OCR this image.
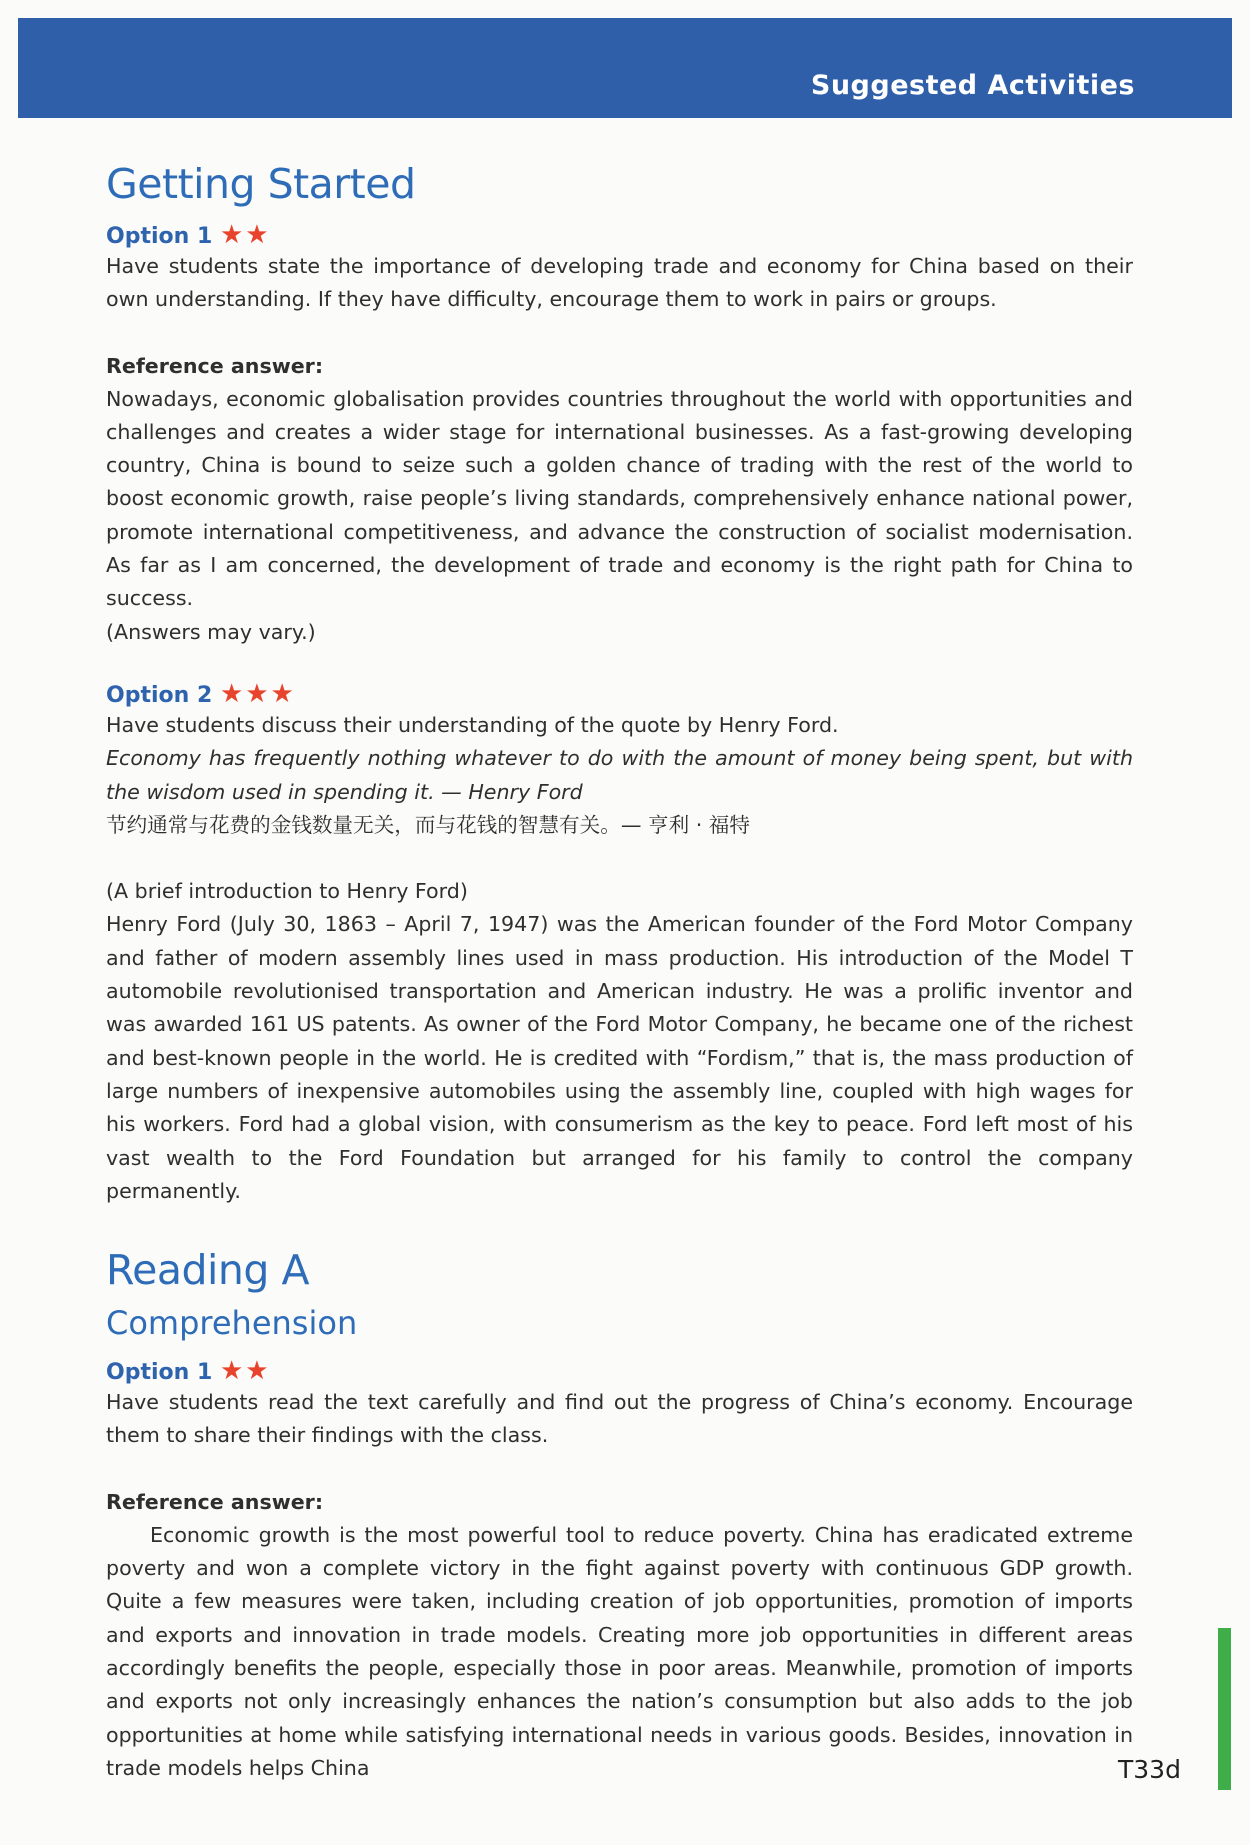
Suggested Activities
Getting Started
Option 1 ★★

Have students state the importance of developing trade and economy for China based on their own understanding. If they have difficulty, encourage them to work in pairs or groups.

Reference answer:

Nowadays, economic globalisation provides countries throughout the world with opportunities and challenges and creates a wider stage for international businesses. As a fast-growing developing country, China is bound to seize such a golden chance of trading with the rest of the world to boost economic growth, raise people’s living standards, comprehensively enhance national power, promote international competitiveness, and advance the construction of socialist modernisation. As far as I am concerned, the development of trade and economy is the right path for China to success.

(Answers may vary.)

Option 2 ★★★

Have students discuss their understanding of the quote by Henry Ford.

Economy has frequently nothing whatever to do with the amount of money being spent, but with the wisdom used in spending it. — Henry Ford

节约通常与花费的金钱数量无关，而与花钱的智慧有关。— 亨利 · 福特

(A brief introduction to Henry Ford)

Henry Ford (July 30, 1863 – April 7, 1947) was the American founder of the Ford Motor Company and father of modern assembly lines used in mass production. His introduction of the Model T automobile revolutionised transportation and American industry. He was a prolific inventor and was awarded 161 US patents. As owner of the Ford Motor Company, he became one of the richest and best-known people in the world. He is credited with “Fordism,” that is, the mass production of large numbers of inexpensive automobiles using the assembly line, coupled with high wages for his workers. Ford had a global vision, with consumerism as the key to peace. Ford left most of his vast wealth to the Ford Foundation but arranged for his family to control the company permanently.

Reading A
Comprehension
Option 1 ★★

Have students read the text carefully and find out the progress of China’s economy. Encourage them to share their findings with the class.

Reference answer:

Economic growth is the most powerful tool to reduce poverty. China has eradicated extreme poverty and won a complete victory in the fight against poverty with continuous GDP growth. Quite a few measures were taken, including creation of job opportunities, promotion of imports and exports and innovation in trade models. Creating more job opportunities in different areas accordingly benefits the people, especially those in poor areas. Meanwhile, promotion of imports and exports not only increasingly enhances the nation’s consumption but also adds to the job opportunities at home while satisfying international needs in various goods. Besides, innovation in trade models helps China	T33d
